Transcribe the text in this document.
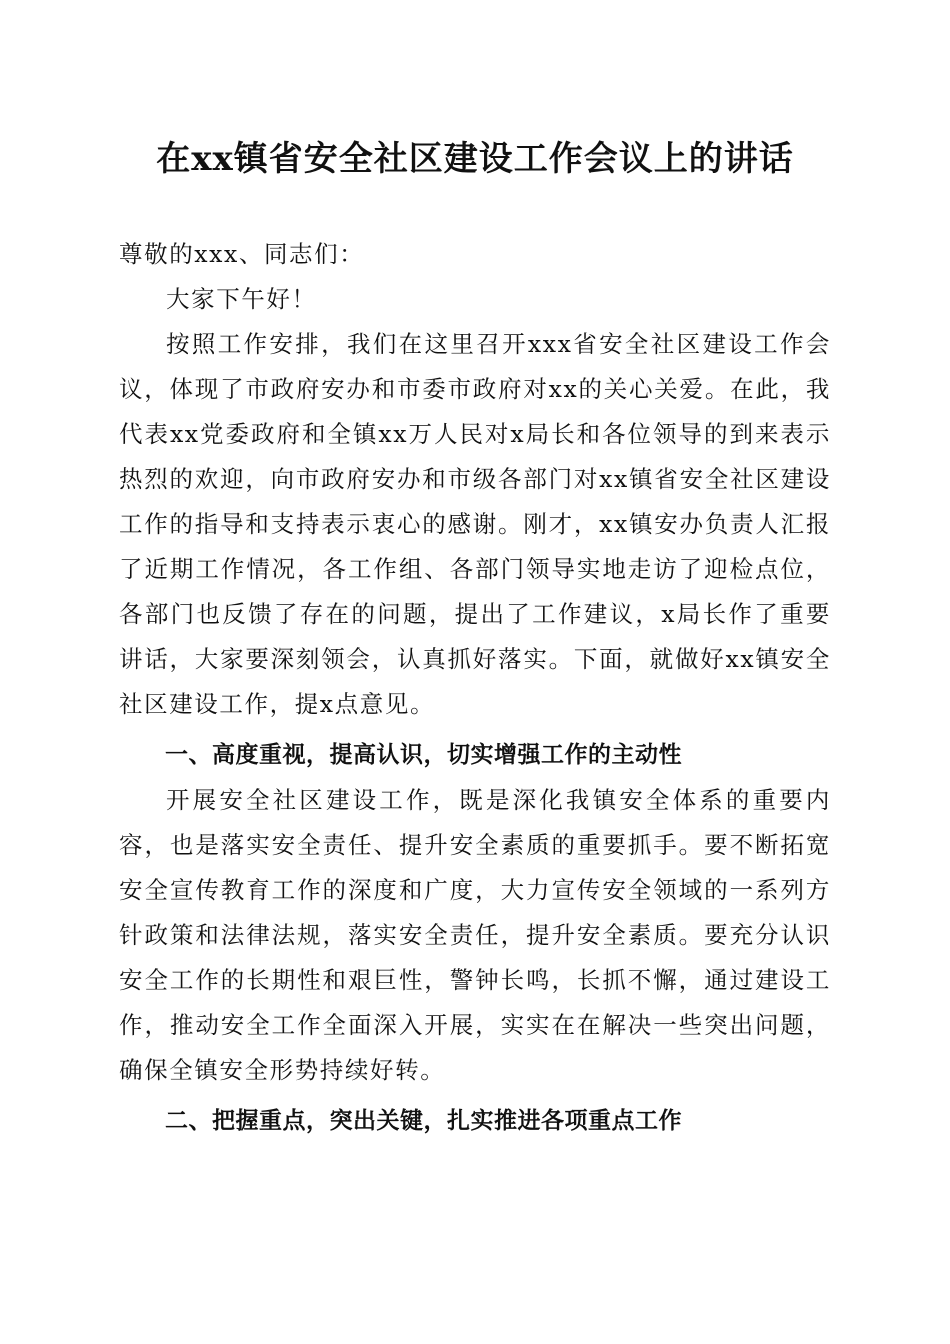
在xx镇省安全社区建设工作会议上的讲话

尊敬的xxx、同志们：

大家下午好！

按照工作安排，我们在这里召开xxx省安全社区建设工作会议，体现了市政府安办和市委市政府对xx的关心关爱。在此，我代表xx党委政府和全镇xx万人民对x局长和各位领导的到来表示热烈的欢迎，向市政府安办和市级各部门对xx镇省安全社区建设工作的指导和支持表示衷心的感谢。刚才，xx镇安办负责人汇报了近期工作情况，各工作组、各部门领导实地走访了迎检点位，各部门也反馈了存在的问题，提出了工作建议，x局长作了重要讲话，大家要深刻领会，认真抓好落实。下面，就做好xx镇安全社区建设工作，提x点意见。

一、高度重视，提高认识，切实增强工作的主动性

开展安全社区建设工作，既是深化我镇安全体系的重要内容，也是落实安全责任、提升安全素质的重要抓手。要不断拓宽安全宣传教育工作的深度和广度，大力宣传安全领域的一系列方针政策和法律法规，落实安全责任，提升安全素质。要充分认识安全工作的长期性和艰巨性，警钟长鸣，长抓不懈，通过建设工作，推动安全工作全面深入开展，实实在在解决一些突出问题，确保全镇安全形势持续好转。

二、把握重点，突出关键，扎实推进各项重点工作
